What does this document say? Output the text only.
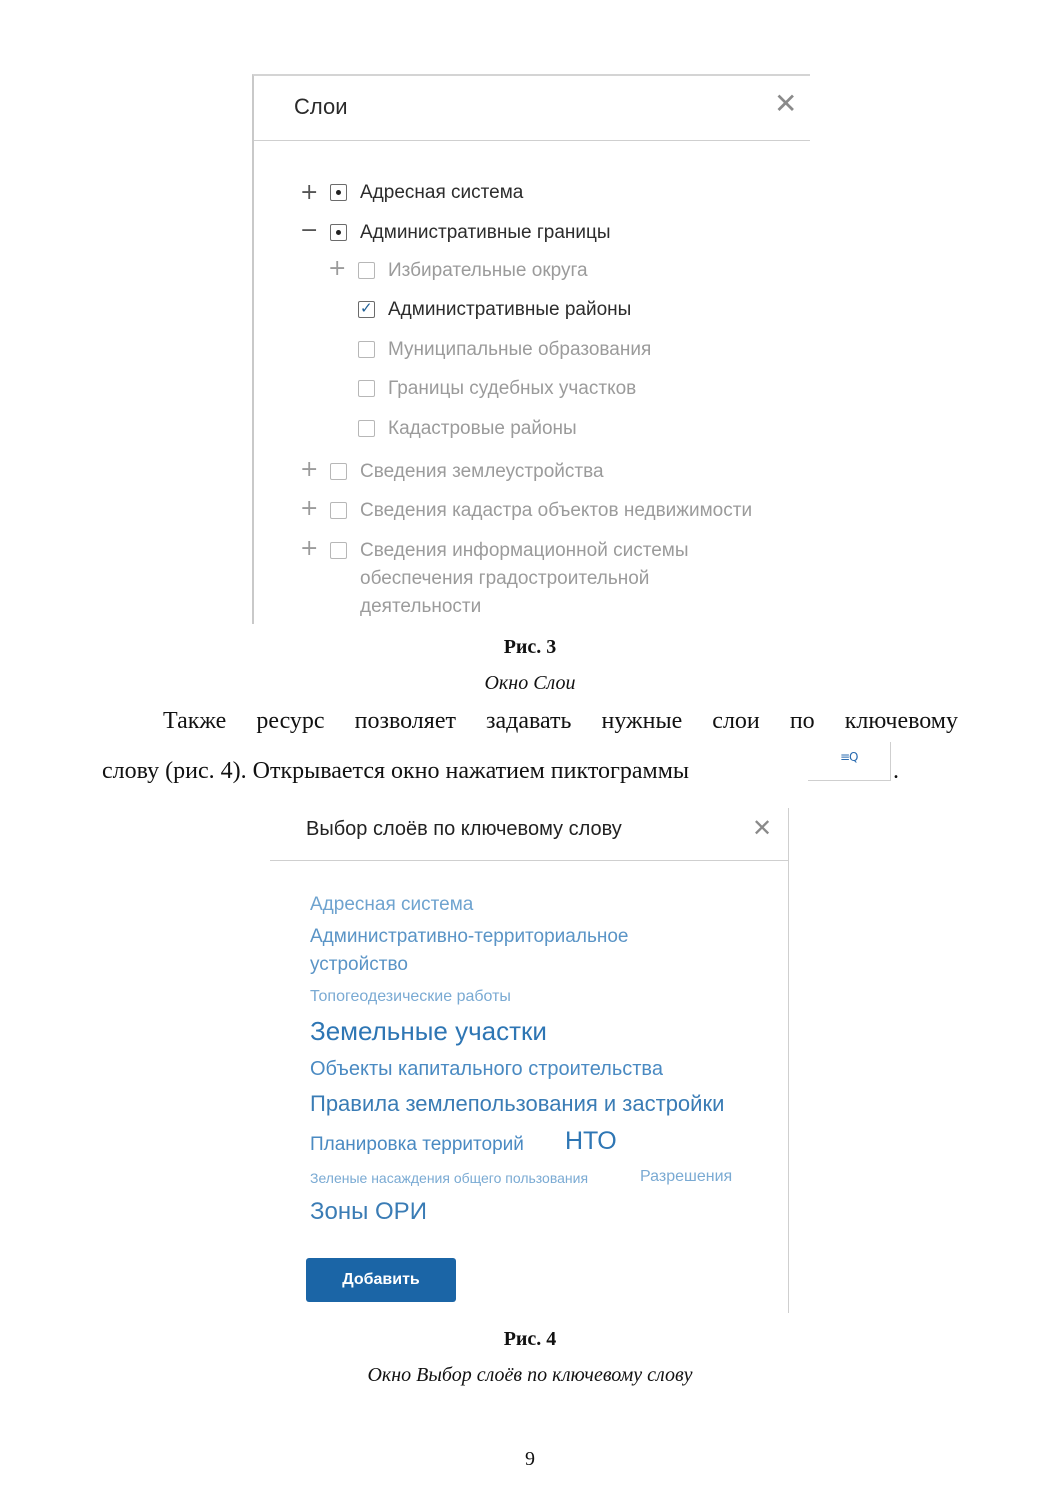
Слои	✕
+ Адресная система
− Административные границы
+ Избирательные округа
✓ Административные районы
Муниципальные образования
Границы судебных участков
Кадастровые районы
+ Сведения землеустройства
+ Сведения кадастра объектов недвижимости
+ Сведения информационной системы
обеспечения градостроительной
деятельности
Рис. 3
Окно Слои
Также ресурс позволяет задавать нужные слои по ключевому
слову (рис. 4). Открывается окно нажатием пиктограммы
≡Q
.
Выбор слоёв по ключевому слову	✕
Адресная система
Административно-территориальное
устройство
Топогеодезические работы
Земельные участки
Объекты капитального строительства
Правила землепользования и застройки
Планировка территорий НТО
Зеленые насаждения общего пользования	Разрешения
Зоны ОРИ
Добавить
Рис. 4
Окно Выбор слоёв по ключевому слову
9
